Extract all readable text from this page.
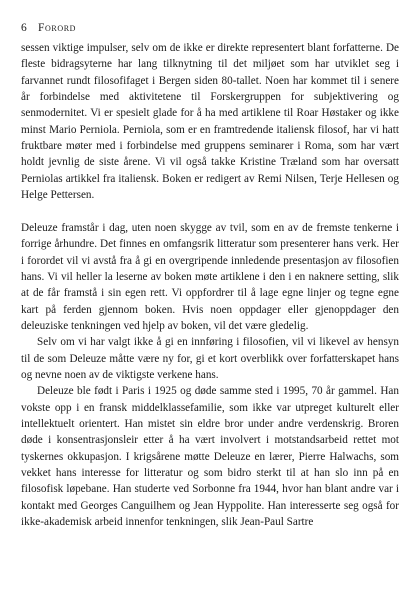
6 Forord

sessen viktige impulser, selv om de ikke er direkte representert blant forfatterne. De fleste bidragsyterne har lang tilknytning til det miljøet som har utviklet seg i farvannet rundt filosofifaget i Bergen siden 80-tallet. Noen har kommet til i senere år forbindelse med aktivitetene til Forskergruppen for subjektivering og senmodernitet. Vi er spesielt glade for å ha med artiklene til Roar Høstaker og ikke minst Mario Perniola. Perniola, som er en framtredende italiensk filosof, har vi hatt fruktbare møter med i forbindelse med gruppens seminarer i Roma, som har vært holdt jevnlig de siste årene. Vi vil også takke Kristine Træland som har oversatt Perniolas artikkel fra italiensk. Boken er redigert av Remi Nilsen, Terje Hellesen og Helge Pettersen.

Deleuze framstår i dag, uten noen skygge av tvil, som en av de fremste tenkerne i forrige århundre. Det finnes en omfangsrik litteratur som presenterer hans verk. Her i forordet vil vi avstå fra å gi en overgripende innledende presentasjon av filosofien hans. Vi vil heller la leserne av boken møte artiklene i den i en naknere setting, slik at de får framstå i sin egen rett. Vi oppfordrer til å lage egne linjer og tegne egne kart på ferden gjennom boken. Hvis noen oppdager eller gjenoppdager den deleuziske tenkningen ved hjelp av boken, vil det være gledelig.

Selv om vi har valgt ikke å gi en innføring i filosofien, vil vi likevel av hensyn til de som Deleuze måtte være ny for, gi et kort overblikk over forfatterskapet hans og nevne noen av de viktigste verkene hans.

Deleuze ble født i Paris i 1925 og døde samme sted i 1995, 70 år gammel. Han vokste opp i en fransk middelklassefamilie, som ikke var utpreget kulturelt eller intellektuelt orientert. Han mistet sin eldre bror under andre verdenskrig. Broren døde i konsentrasjonsleir etter å ha vært involvert i motstandsarbeid rettet mot tyskernes okkupasjon. I krigsårene møtte Deleuze en lærer, Pierre Halwachs, som vekket hans interesse for litteratur og som bidro sterkt til at han slo inn på en filosofisk løpebane. Han studerte ved Sorbonne fra 1944, hvor han blant andre var i kontakt med Georges Canguilhem og Jean Hyppolite. Han interesserte seg også for ikke-akademisk arbeid innenfor tenkningen, slik Jean-Paul Sartre
